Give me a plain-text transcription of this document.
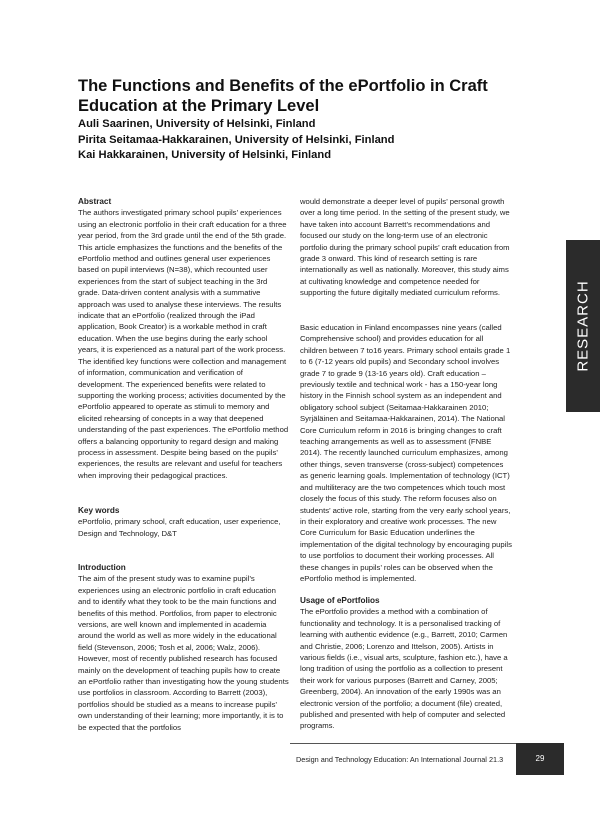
The Functions and Benefits of the ePortfolio in Craft Education at the Primary Level
Auli Saarinen, University of Helsinki, Finland
Pirita Seitamaa-Hakkarainen, University of Helsinki, Finland
Kai Hakkarainen, University of Helsinki, Finland
Abstract

The authors investigated primary school pupils’ experiences using an electronic portfolio in their craft education for a three year period, from the 3rd grade until the end of the 5th grade. This article emphasizes the functions and the benefits of the ePortfolio method and outlines general user experiences based on pupil interviews (N=38), which recounted user experiences from the start of subject teaching in the 3rd grade. Data-driven content analysis with a summative approach was used to analyse these interviews. The results indicate that an ePortfolio (realized through the iPad application, Book Creator) is a workable method in craft education. When the use begins during the early school years, it is experienced as a natural part of the work process. The identified key functions were collection and management of information, communication and verification of development. The experienced benefits were related to supporting the working process; activities documented by the ePortfolio appeared to operate as stimuli to memory and elicited rehearsing of concepts in a way that deepened understanding of the past experiences. The ePortfolio method offers a balancing opportunity to regard design and making process in assessment. Despite being based on the pupils’ experiences, the results are relevant and useful for teachers when improving their pedagogical practices.

Key words

ePortfolio, primary school, craft education, user experience, Design and Technology, D&T

Introduction

The aim of the present study was to examine pupil’s experiences using an electronic portfolio in craft education and to identify what they took to be the main functions and benefits of this method. Portfolios, from paper to electronic versions, are well known and implemented in academia around the world as well as more widely in the educational field (Stevenson, 2006; Tosh et al, 2006; Walz, 2006). However, most of recently published research has focused mainly on the development of teaching pupils how to create an ePortfolio rather than investigating how the young students use portfolios in classroom. According to Barrett (2003), portfolios should be studied as a means to increase pupils’ own understanding of their learning; more importantly, it is to be expected that the portfolios

would demonstrate a deeper level of pupils’ personal growth over a long time period. In the setting of the present study, we have taken into account Barrett’s recommendations and focused our study on the long-term use of an electronic portfolio during the primary school pupils’ craft education from grade 3 onward. This kind of research setting is rare internationally as well as nationally. Moreover, this study aims at cultivating knowledge and competence needed for supporting the future digitally mediated curriculum reforms.

Basic education in Finland encompasses nine years (called Comprehensive school) and provides education for all children between 7 to16 years. Primary school entails grade 1 to 6 (7-12 years old pupils) and Secondary school involves grade 7 to grade 9 (13-16 years old). Craft education – previously textile and technical work - has a 150-year long history in the Finnish school system as an independent and obligatory school subject (Seitamaa-Hakkarainen 2010; Syrjäläinen and Seitamaa-Hakkarainen, 2014). The National Core Curriculum reform in 2016 is bringing changes to craft teaching arrangements as well as to assessment (FNBE 2014). The recently launched curriculum emphasizes, among other things, seven transverse (cross-subject) competences as generic learning goals. Implementation of technology (ICT) and multiliteracy are the two competences which touch most closely the focus of this study. The reform focuses also on students’ active role, starting from the very early school years, in their exploratory and creative work processes. The new Core Curriculum for Basic Education underlines the implementation of the digital technology by encouraging pupils to use portfolios to document their working processes. All these changes in pupils’ roles can be observed when the ePortfolio method is implemented.

Usage of ePortfolios

The ePortfolio provides a method with a combination of functionality and technology. It is a personalised tracking of learning with authentic evidence (e.g., Barrett, 2010; Carmen and Christie, 2006; Lorenzo and Ittelson, 2005). Artists in various fields (i.e., visual arts, sculpture, fashion etc.), have a long tradition of using the portfolio as a collection to present their work for various purposes (Barrett and Carney, 2005; Greenberg, 2004). An innovation of the early 1990s was an electronic version of the portfolio; a document (file) created, published and presented with help of computer and selected programs.

RESEARCH
Design and Technology Education: An International Journal 21.3	29
